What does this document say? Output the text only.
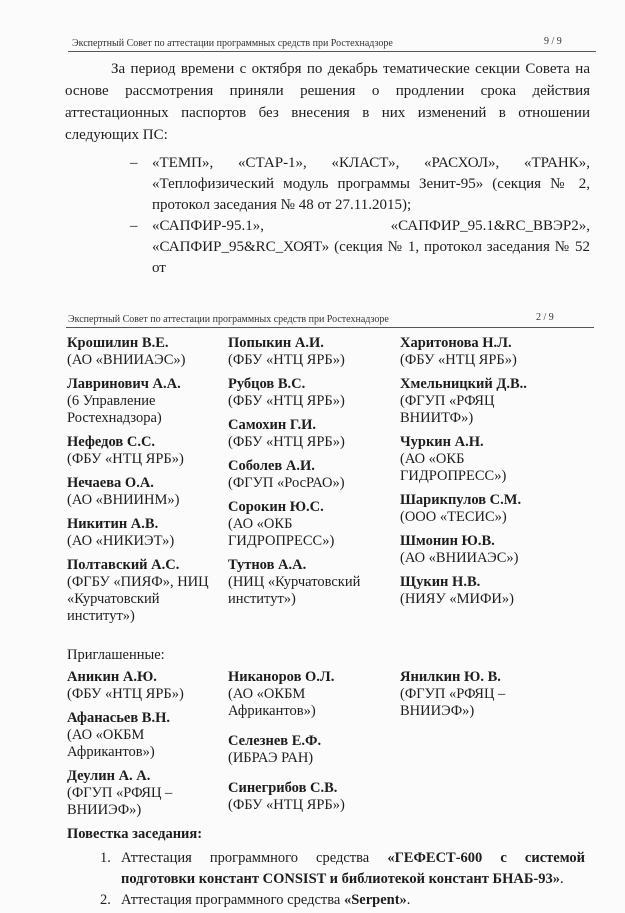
Экспертный Совет по аттестации программных средств при Ростехнадзоре	9 / 9
За период времени с октября по декабрь тематические секции Совета на основе рассмотрения приняли решения о продлении срока действия аттестационных паспортов без внесения в них изменений в отношении следующих ПС:
– «ТЕМП», «СТАР-1», «КЛАСТ», «РАСХОЛ», «ТРАНК», «Теплофизический модуль программы Зенит-95» (секция № 2, протокол заседания № 48 от 27.11.2015);
– «САПФИР-95.1», «САПФИР_95.1&RC_ВВЭР2», «САПФИР_95&RC_ХОЯТ» (секция № 1, протокол заседания № 52 от
Экспертный Совет по аттестации программных средств при Ростехнадзоре	2 / 9
Крошилин В.Е.
(АО «ВНИИАЭС»)
Лавринович А.А.
(6 Управление
Ростехнадзора)
Нефедов С.С.
(ФБУ «НТЦ ЯРБ»)
Нечаева О.А.
(АО «ВНИИНМ»)
Никитин А.В.
(АО «НИКИЭТ»)
Полтавский А.С.
(ФГБУ «ПИЯФ», НИЦ
«Курчатовский
институт»)
Попыкин А.И.
(ФБУ «НТЦ ЯРБ»)
Рубцов В.С.
(ФБУ «НТЦ ЯРБ»)
Самохин Г.И.
(ФБУ «НТЦ ЯРБ»)
Соболев А.И.
(ФГУП «РосРАО»)
Сорокин Ю.С.
(АО «ОКБ
ГИДРОПРЕСС»)
Тутнов А.А.
(НИЦ «Курчатовский
институт»)
Харитонова Н.Л.
(ФБУ «НТЦ ЯРБ»)
Хмельницкий Д.В..
(ФГУП «РФЯЦ
ВНИИТФ»)
Чуркин А.Н.
(АО «ОКБ
ГИДРОПРЕСС»)
Шарикпулов С.М.
(ООО «ТЕСИС»)
Шмонин Ю.В.
(АО «ВНИИАЭС»)
Щукин Н.В.
(НИЯУ «МИФИ»)
Приглашенные:
Аникин А.Ю.
(ФБУ «НТЦ ЯРБ»)
Афанасьев В.Н.
(АО «ОКБМ
Африкантов»)
Деулин А. А.
(ФГУП «РФЯЦ –
ВНИИЭФ»)
Никаноров О.Л.
(АО «ОКБМ
Африкантов»)
Селезнев Е.Ф.
(ИБРАЭ РАН)
Синегрибов С.В.
(ФБУ «НТЦ ЯРБ»)
Янилкин Ю. В.
(ФГУП «РФЯЦ –
ВНИИЭФ»)
Повестка заседания:
1. Аттестация программного средства «ГЕФЕСТ-600 с системой подготовки констант CONSIST и библиотекой констант БНАБ-93».
2. Аттестация программного средства «Serpent».
